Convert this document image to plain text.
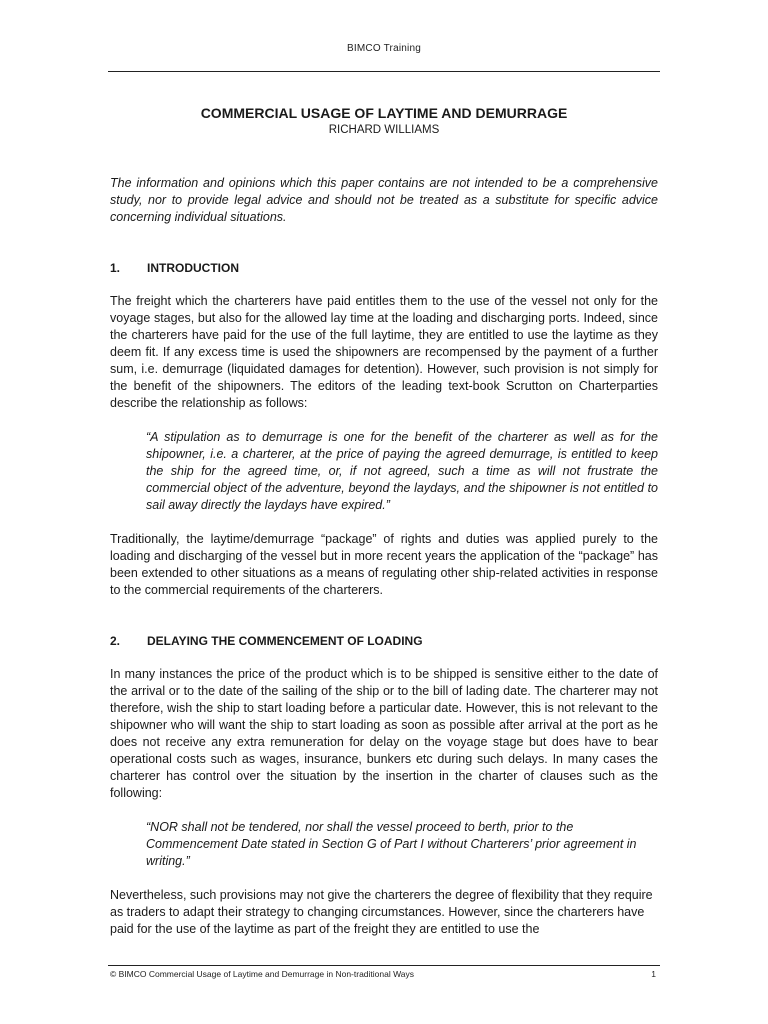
BIMCO Training
COMMERCIAL USAGE OF LAYTIME AND DEMURRAGE
RICHARD WILLIAMS

The information and opinions which this paper contains are not intended to be a comprehensive study, nor to provide legal advice and should not be treated as a substitute for specific advice concerning individual situations.

1.	INTRODUCTION

The freight which the charterers have paid entitles them to the use of the vessel not only for the voyage stages, but also for the allowed lay time at the loading and discharging ports. Indeed, since the charterers have paid for the use of the full laytime, they are entitled to use the laytime as they deem fit. If any excess time is used the shipowners are recompensed by the payment of a further sum, i.e. demurrage (liquidated damages for detention). However, such provision is not simply for the benefit of the shipowners. The editors of the leading text-book Scrutton on Charterparties describe the relationship as follows:

“A stipulation as to demurrage is one for the benefit of the charterer as well as for the shipowner, i.e. a charterer, at the price of paying the agreed demurrage, is entitled to keep the ship for the agreed time, or, if not agreed, such a time as will not frustrate the commercial object of the adventure, beyond the laydays, and the shipowner is not entitled to sail away directly the laydays have expired.”

Traditionally, the laytime/demurrage “package” of rights and duties was applied purely to the loading and discharging of the vessel but in more recent years the application of the “package” has been extended to other situations as a means of regulating other ship-related activities in response to the commercial requirements of the charterers.

2.	DELAYING THE COMMENCEMENT OF LOADING

In many instances the price of the product which is to be shipped is sensitive either to the date of the arrival or to the date of the sailing of the ship or to the bill of lading date. The charterer may not therefore, wish the ship to start loading before a particular date. However, this is not relevant to the shipowner who will want the ship to start loading as soon as possible after arrival at the port as he does not receive any extra remuneration for delay on the voyage stage but does have to bear operational costs such as wages, insurance, bunkers etc during such delays. In many cases the charterer has control over the situation by the insertion in the charter of clauses such as the following:

“NOR shall not be tendered, nor shall the vessel proceed to berth, prior to the Commencement Date stated in Section G of Part I without Charterers’ prior agreement in writing.”

Nevertheless, such provisions may not give the charterers the degree of flexibility that they require as traders to adapt their strategy to changing circumstances. However, since the charterers have paid for the use of the laytime as part of the freight they are entitled to use the

© BIMCO Commercial Usage of Laytime and Demurrage in Non-traditional Ways	1
